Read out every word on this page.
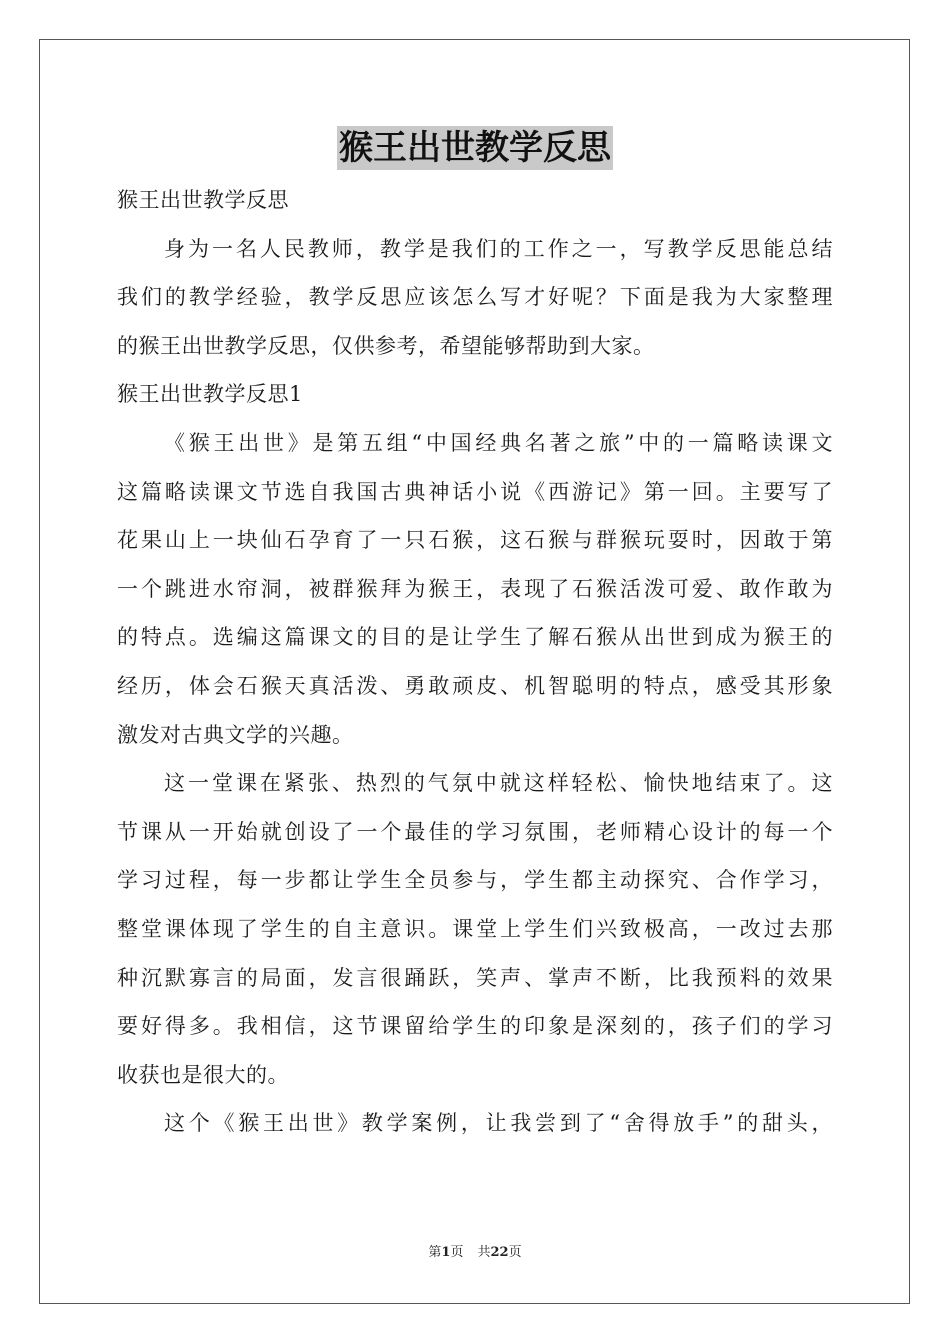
猴王出世教学反思
猴王出世教学反思
身为一名人民教师，教学是我们的工作之一，写教学反思能总结
我们的教学经验，教学反思应该怎么写才好呢？下面是我为大家整理
的猴王出世教学反思，仅供参考，希望能够帮助到大家。
猴王出世教学反思1
《猴王出世》是第五组“中国经典名著之旅”中的一篇略读课文
这篇略读课文节选自我国古典神话小说《西游记》第一回。主要写了
花果山上一块仙石孕育了一只石猴，这石猴与群猴玩耍时，因敢于第
一个跳进水帘洞，被群猴拜为猴王，表现了石猴活泼可爱、敢作敢为
的特点。选编这篇课文的目的是让学生了解石猴从出世到成为猴王的
经历，体会石猴天真活泼、勇敢顽皮、机智聪明的特点，感受其形象
激发对古典文学的兴趣。
这一堂课在紧张、热烈的气氛中就这样轻松、愉快地结束了。这
节课从一开始就创设了一个最佳的学习氛围，老师精心设计的每一个
学习过程，每一步都让学生全员参与，学生都主动探究、合作学习，
整堂课体现了学生的自主意识。课堂上学生们兴致极高，一改过去那
种沉默寡言的局面，发言很踊跃，笑声、掌声不断，比我预料的效果
要好得多。我相信，这节课留给学生的印象是深刻的，孩子们的学习
收获也是很大的。
这个《猴王出世》教学案例，让我尝到了“舍得放手”的甜头，
第1页 共22页
